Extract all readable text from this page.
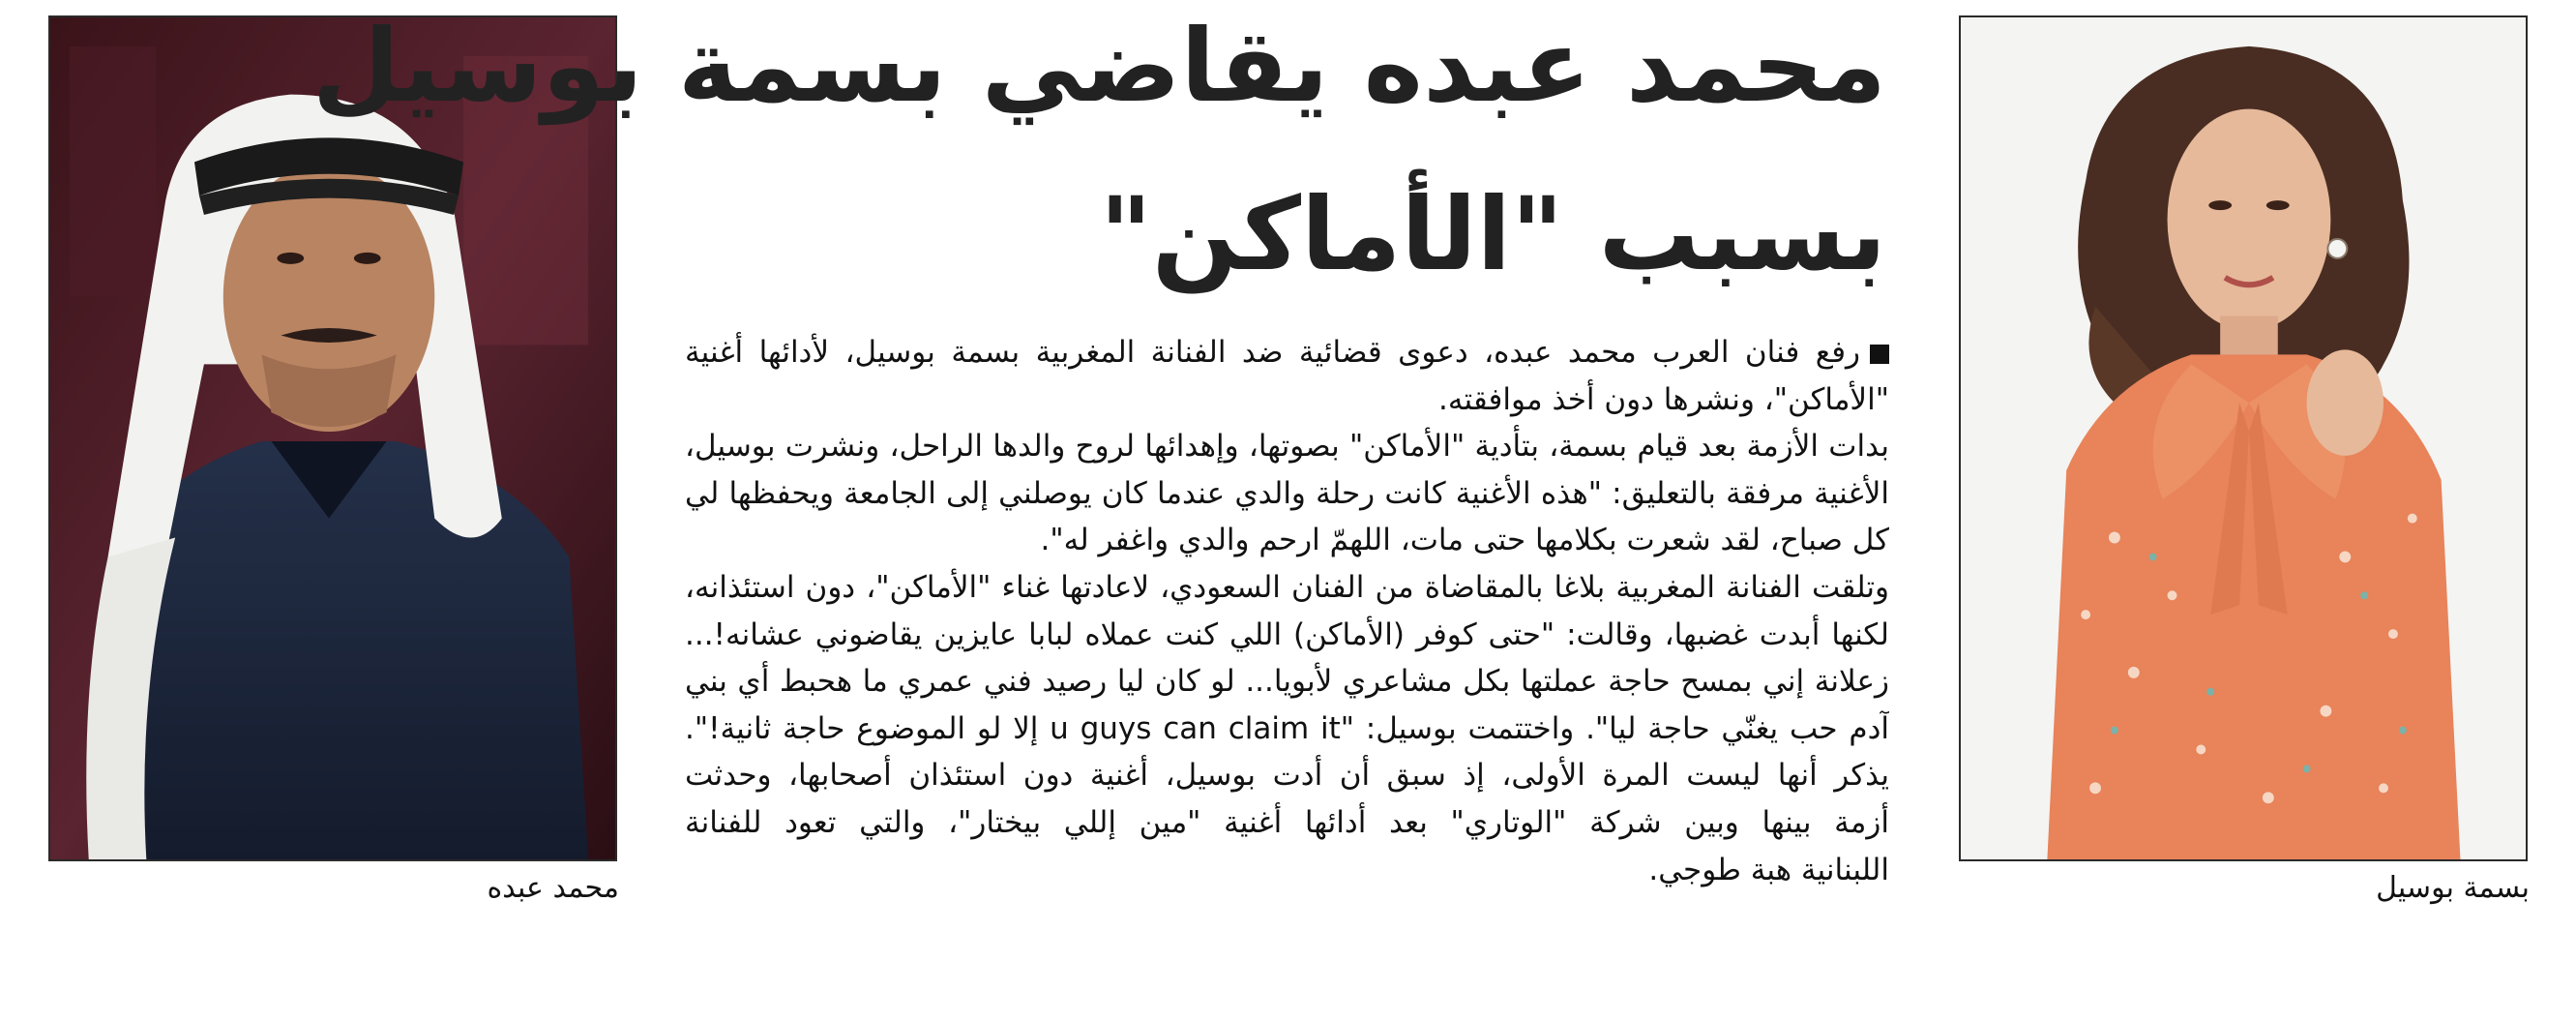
محمد عبده	بسمة بوسيل
محمد عبده يقاضي بسمة بوسيل
بسبب "الأماكن"
رفع فنان العرب محمد عبده، دعوى قضائية ضد الفنانة المغربية بسمة بوسيل، لأدائها أغنية
"الأماكن"، ونشرها دون أخذ موافقته.
بدات الأزمة بعد قيام بسمة، بتأدية "الأماكن" بصوتها، وإهدائها لروح والدها الراحل، ونشرت بوسيل،
الأغنية مرفقة بالتعليق: "هذه الأغنية كانت رحلة والدي عندما كان يوصلني إلى الجامعة ويحفظها لي
كل صباح، لقد شعرت بكلامها حتى مات، اللهمّ ارحم والدي واغفر له".
وتلقت الفنانة المغربية بلاغا بالمقاضاة من الفنان السعودي، لاعادتها غناء "الأماكن"، دون استئذانه،
لكنها أبدت غضبها، وقالت: "حتى كوفر (الأماكن) اللي كنت عملاه لبابا عايزين يقاضوني عشانه!...
زعلانة إني بمسح حاجة عملتها بكل مشاعري لأبويا... لو كان ليا رصيد فني عمري ما هحبط أي بني
آدم حب يغنّي حاجة ليا". واختتمت بوسيل: "u guys can claim it إلا لو الموضوع حاجة ثانية!".
يذكر أنها ليست المرة الأولى، إذ سبق أن أدت بوسيل، أغنية دون استئذان أصحابها، وحدثت
أزمة بينها وبين شركة "الوتاري" بعد أدائها أغنية "مين إللي بيختار"، والتي تعود للفنانة
اللبنانية هبة طوجي.
